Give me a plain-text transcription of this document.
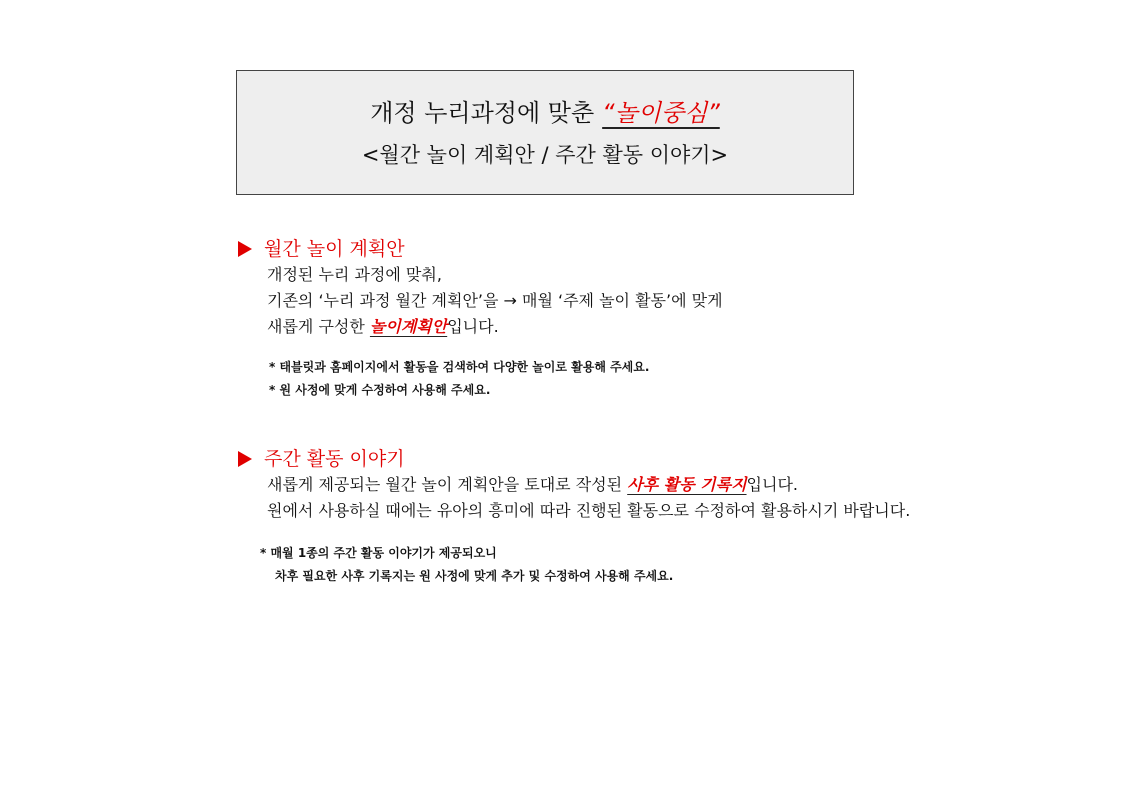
개정 누리과정에 맞춘 “놀이중심”
<월간 놀이 계획안 / 주간 활동 이야기>
월간 놀이 계획안
개정된 누리 과정에 맞춰,
기존의 ‘누리 과정 월간 계획안’을 → 매월 ‘주제 놀이 활동’에 맞게
새롭게 구성한 놀이계획안입니다.
* 태블릿과 홈페이지에서 활동을 검색하여 다양한 놀이로 활용해 주세요.
* 원 사정에 맞게 수정하여 사용해 주세요.
주간 활동 이야기
새롭게 제공되는 월간 놀이 계획안을 토대로 작성된 사후 활동 기록지입니다.
원에서 사용하실 때에는 유아의 흥미에 따라 진행된 활동으로 수정하여 활용하시기 바랍니다.
* 매월 1종의 주간 활동 이야기가 제공되오니
차후 필요한 사후 기록지는 원 사정에 맞게 추가 및 수정하여 사용해 주세요.
